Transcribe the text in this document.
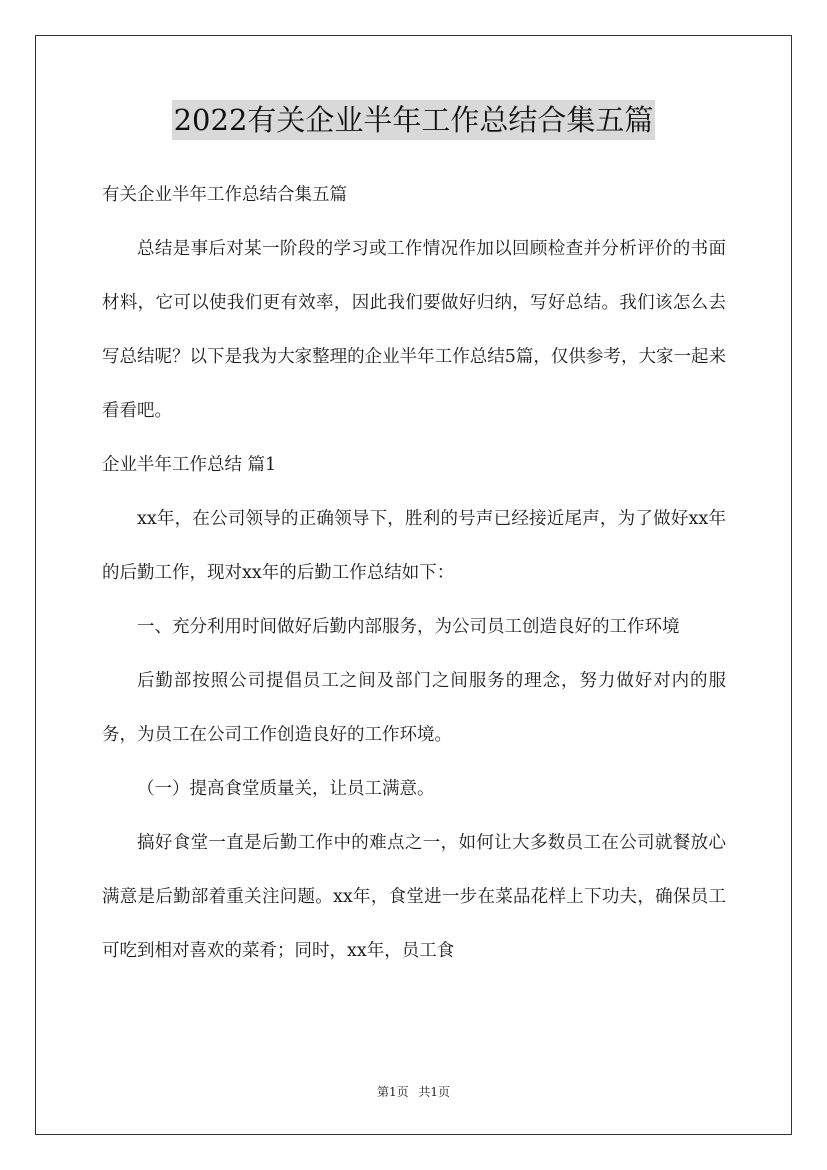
2022有关企业半年工作总结合集五篇

有关企业半年工作总结合集五篇

总结是事后对某一阶段的学习或工作情况作加以回顾检查并分析评价的书面材料，它可以使我们更有效率，因此我们要做好归纳，写好总结。我们该怎么去写总结呢？以下是我为大家整理的企业半年工作总结5篇，仅供参考，大家一起来看看吧。

企业半年工作总结 篇1

xx年，在公司领导的正确领导下，胜利的号声已经接近尾声，为了做好xx年的后勤工作，现对xx年的后勤工作总结如下：

一、充分利用时间做好后勤内部服务，为公司员工创造良好的工作环境

后勤部按照公司提倡员工之间及部门之间服务的理念，努力做好对内的服务，为员工在公司工作创造良好的工作环境。

（一）提高食堂质量关，让员工满意。

搞好食堂一直是后勤工作中的难点之一，如何让大多数员工在公司就餐放心满意是后勤部着重关注问题。xx年，食堂进一步在菜品花样上下功夫，确保员工可吃到相对喜欢的菜肴；同时，xx年，员工食

第1页 共1页
